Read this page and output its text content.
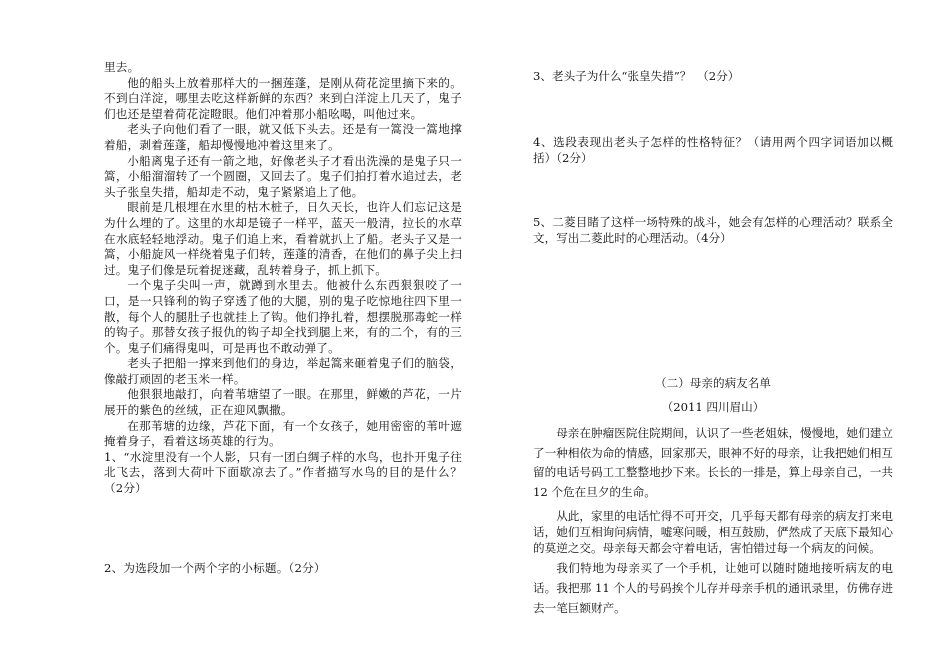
里去。

他的船头上放着那样大的一捆莲蓬，是刚从荷花淀里摘下来的。不到白洋淀，哪里去吃这样新鲜的东西？来到白洋淀上几天了，鬼子们也还是望着荷花淀瞪眼。他们冲着那小船吆喝，叫他过来。

老头子向他们看了一眼，就又低下头去。还是有一篙没一篙地撑着船，剥着莲蓬，船却慢慢地冲着这里来了。

小船离鬼子还有一箭之地，好像老头子才看出洗澡的是鬼子只一篙，小船溜溜转了一个圆圈，又回去了。鬼子们拍打着水追过去，老头子张皇失措，船却走不动，鬼子紧紧追上了他。

眼前是几根埋在水里的枯木桩子，日久天长，也许人们忘记这是为什么埋的了。这里的水却是镜子一样平，蓝天一般清，拉长的水草在水底轻轻地浮动。鬼子们追上来，看着就扒上了船。老头子又是一篙，小船旋风一样绕着鬼子们转，莲蓬的清香，在他们的鼻子尖上扫过。鬼子们像是玩着捉迷藏，乱转着身子，抓上抓下。

一个鬼子尖叫一声，就蹲到水里去。他被什么东西狠狠咬了一口，是一只锋利的钩子穿透了他的大腿，别的鬼子吃惊地往四下里一散，每个人的腿肚子也就挂上了钩。他们挣扎着，想摆脱那毒蛇一样的钩子。那替女孩子报仇的钩子却全找到腿上来，有的二个，有的三个。鬼子们痛得鬼叫，可是再也不敢动弹了。

老头子把船一撑来到他们的身边，举起篙来砸着鬼子们的脑袋，像敲打顽固的老玉米一样。

他狠狠地敲打，向着苇塘望了一眼。在那里，鲜嫩的芦花，一片展开的紫色的丝绒，正在迎风飘撒。

在那苇塘的边缘，芦花下面，有一个女孩子，她用密密的苇叶遮掩着身子，看着这场英雄的行为。

1、“水淀里没有一个人影，只有一团白绸子样的水鸟，也扑开鬼子往北飞去，落到大荷叶下面歇凉去了。”作者描写水鸟的目的是什么？（2分）

2、为选段加一个两个字的小标题。（2分）

3、老头子为什么“张皇失措”？　（2分）
4、选段表现出老头子怎样的性格特征？（请用两个四字词语加以概括）（2分）
5、二菱目睹了这样一场特殊的战斗，她会有怎样的心理活动？联系全文，写出二菱此时的心理活动。（4分）
（二）母亲的病友名单
（2011 四川眉山）

母亲在肿瘤医院住院期间，认识了一些老姐妹，慢慢地，她们建立了一种相依为命的情感，回家那天，眼神不好的母亲，让我把她们相互留的电话号码工工整整地抄下来。长长的一排是，算上母亲自己，一共 12 个危在旦夕的生命。

从此，家里的电话忙得不可开交，几乎每天都有母亲的病友打来电话，她们互相询问病情，嘘寒问暖，相互鼓励，俨然成了天底下最知心的莫逆之交。母亲每天都会守着电话，害怕错过每一个病友的问候。

我们特地为母亲买了一个手机，让她可以随时随地接听病友的电话。我把那 11 个人的号码挨个儿存并母亲手机的通讯录里，仿佛存进去一笔巨额财产。
